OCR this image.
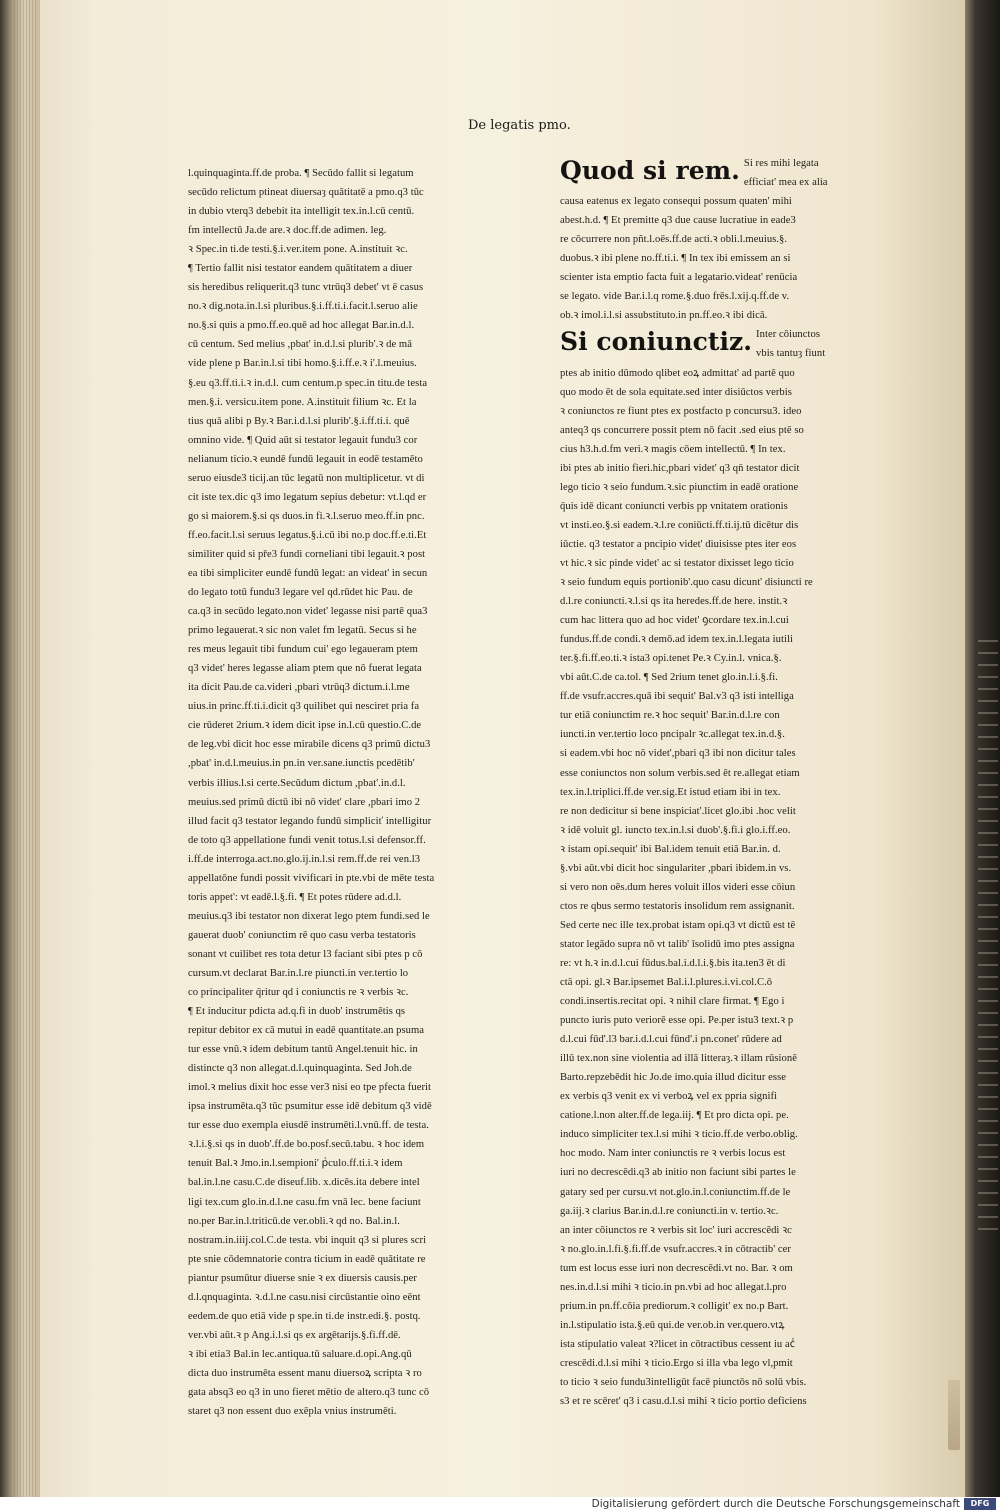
De legatis pmo.
l.quinquaginta.ff.de proba. ¶ Secūdo fallit si legatum
secūdo relictum ptineat diuersaȝ quātitatē a pmo.q3 tūc
in dubio vterq3 debebit ita intelligit tex.in.l.cū centū.
fm intellectū Ja.de are.ꝛ doc.ff.de adimen. leg.
ꝛ Spec.in ti.de testi.§.i.ver.item pone. A.instituit ꝛc.
¶ Tertio fallit nisi testator eandem quātitatem a diuer
sis heredibus reliquerit.q3 tunc vtrūq3 debet' vt ē casus
no.ꝛ dig.nota.in.l.si pluribus.§.i.ff.ti.i.facit.l.seruo alie
no.§.si quis a pmo.ff.eo.quē ad hoc allegat Bar.in.d.l.
cū centum. Sed melius ,pbat' in.d.l.si plurib'.ꝛ de mā
vide plene p Bar.in.l.si tibi homo.§.i.ff.e.ꝛ i'.l.meuius.
§.eu q3.ff.ti.i.ꝛ in.d.l. cum centum.p spec.in titu.de testa
men.§.i. versicu.item pone. A.instituit filium ꝛc. Et la
tius quā alibi p By.ꝛ Bar.i.d.l.si plurib'.§.i.ff.ti.i. quē
omnino vide. ¶ Quid aūt si testator legauit fundu3 cor
nelianum ticio.ꝛ eundē fundū legauit in eodē testamēto
seruo eiusde3 ticij.an tūc legatū non multiplicetur. vt di
cit iste tex.dic q3 imo legatum sepius debetur: vt.l.qd er
go si maiorem.§.si qs duos.in fi.ꝛ.l.seruo meo.ff.in pnc.
ff.eo.facit.l.si seruus legatus.§.i.cū ibi no.p doc.ff.e.ti.Et
similiter quid si pře3 fundi corneliani tibi legauit.ꝛ post
ea tibi simpliciter eundē fundū legat: an videat' in secun
do legato totū fundu3 legare vel qd.rūdet hic Pau. de
ca.q3 in secūdo legato.non videt' legasse nisi partē qua3
primo legauerat.ꝛ sic non valet fm legatū. Secus si he
res meus legauit tibi fundum cui' ego legaueram ptem
q3 videt' heres legasse aliam ptem que nō fuerat legata
ita dicit Pau.de ca.videri ,pbari vtrūq3 dictum.i.l.me
uius.in princ.ff.ti.i.dicit q3 quilibet qui nesciret pria fa
cie rūderet 2rium.ꝛ idem dicit ipse in.l.cū questio.C.de
de leg.vbi dicit hoc esse mirabile dicens q3 primū dictu3
,pbat' in.d.l.meuius.in pn.in ver.sane.iunctis pcedētib'
verbis illius.l.si certe.Secūdum dictum ,pbat'.in.d.l.
meuius.sed primū dictū ibi nō videt' clare ,pbari imo 2
illud facit q3 testator legando fundū simpliciť intelligitur
de toto q3 appellatione fundi venit totus.l.si defensor.ff.
i.ff.de interroga.act.no.glo.ij.in.l.si rem.ff.de rei ven.l3
appellatōne fundi possit vivificari in pte.vbi de mēte testa
toris appet': vt eadē.l.§.fi. ¶ Et potes rūdere ad.d.l.
meuius.q3 ibi testator non dixerat lego ptem fundi.sed le
gauerat duob' coniunctim rē quo casu verba testatoris
sonant vt cuilibet res tota detur l3 faciant sibi ptes p cō
cursum.vt declarat Bar.in.l.re piuncti.in ver.tertio lo
co principaliter q̄ritur qd i coniunctis re ꝛ verbis ꝛc.
¶ Et inducitur pdicta ad.q.fi in duob' instrumētis qs
repitur debitor ex cā mutui in eadē quantitate.an psuma
tur esse vnū.ꝛ idem debitum tantū Angel.tenuit hic. in
distincte q3 non allegat.d.l.quinquaginta. Sed Joh.de
imol.ꝛ melius dixit hoc esse ver3 nisi eo tpe pfecta fuerit
ipsa instrumēta.q3 tūc psumitur esse idē debitum q3 vidē
tur esse duo exempla eiusdē instrumēti.l.vnū.ff. de testa.
ꝛ.l.i.§.si qs in duob'.ff.de bo.posf.secū.tabu. ꝛ hoc idem
tenuit Bal.ꝛ Jmo.in.l.sempioni' pᷣculo.ff.ti.i.ꝛ idem
bal.in.l.ne casu.C.de diseuf.lib. x.dicēs.ita debere intel
ligi tex.cum glo.in.d.l.ne casu.fm vnā lec. bene faciunt
no.per Bar.in.l.triticū.de ver.obli.ꝛ qd no. Bal.in.l.
nostram.in.iiij.col.C.de testa. vbi inquit q3 si plures scri
pte snie cōdemnatorie contra ticium in eadē quātitate re
piantur psumūtur diuerse snie ꝛ ex diuersis causis.per
d.l.qnquaginta. ꝛ.d.l.ne casu.nisi circūstantie oino eēnt
eedem.de quo etiā vide p spe.in ti.de instr.edi.§. postq.
ver.vbi aūt.ꝛ p Ang.i.l.si qs ex argētarijs.§.fi.ff.dē.
ꝛ ibi etia3 Bal.in lec.antiqua.tū saluare.d.opi.Ang.qū
dicta duo instrumēta essent manu diuersoꝝ scripta ꝛ ro
gata absq3 eo q3 in uno fieret mētio de altero.q3 tunc cō
staret q3 non essent duo exēpla vnius instrumēti.
Quod si rem. Si res mihi legata
efficiat' mea ex alia
causa eatenus ex legato consequi possum quaten' mihi
abest.h.d. ¶ Et premitte q3 due cause lucratiue in eade3
re cōcurrere non pñt.l.oēs.ff.de acti.ꝛ obli.l.meuius.§.
duobus.ꝛ ibi plene no.ff.ti.i. ¶ In tex ibi emissem an si
scienter ista emptio facta fuit a legatario.videat' renūciaᷤ
se legato. vide Bar.i.l.q rome.§.duo frēs.l.xij.q.ff.de v.
ob.ꝛ imol.i.l.si assubstituto.in pn.ff.eo.ꝛ ibi dicā.
Si coniunctiz. Inter cōiunctos
vbis tantuȝ fiunt
ptes ab initio dūmodo qlibet eoꝝ admittat' ad partē quo
quo modo ēt de sola equitate.sed inter disiūctos verbis
ꝛ coniunctos re fiunt ptes ex postfacto p concursu3. ideo
anteq3 qs concurrere possit ptem nō facit .sed eius ptē so
cius h3.h.d.fm veri.ꝛ magis cōem intellectū. ¶ In tex.
ibi ptes ab initio fieri.hic,pbari videt' q3 qn̄ testator dicit
lego ticio ꝛ seio fundum.ꝛ.sic piunctim in eadē oratione
q̄uis idē dicant coniuncti verbis pp vnitatem orationis
vt insti.eo.§.si eadem.ꝛ.l.re coniūcti.ff.ti.ij.tū dicētur dis
iūctie. q3 testator a pncipio videt' diuisisse ptes iter eos
vt hic.ꝛ sic pinde videt' ac si testator dixisset lego ticio
ꝛ seio fundum equis portionib'.quo casu dicunt' disiuncti re
d.l.re coniuncti.ꝛ.l.si qs ita heredes.ff.de here. instit.ꝛ
cum hac littera quo ad hoc videt' ꝯcordare tex.in.l.cui
fundus.ff.de condi.ꝛ demō.ad idem tex.in.l.legata iutili
ter.§.fi.ff.eo.ti.ꝛ ista3 opi.tenet Pe.ꝛ Cy.in.l. vnica.§.
vbi aūt.C.de ca.tol. ¶ Sed 2rium tenet glo.in.l.i.§.fi.
ff.de vsufr.accres.quā ibi sequit' Bal.v3 q3 isti intelliga
tur etiā coniunctim re.ꝛ hoc sequit' Bar.in.d.l.re con
iuncti.in ver.tertio loco pncipalr ꝛc.allegat tex.in.d.§.
si eadem.vbi hoc nō videt',pbari q3 ibi non dicitur tales
esse coniunctos non solum verbis.sed ēt re.allegat etiam
tex.in.l.triplici.ff.de ver.sig.Et istud etiam ibi in tex.
re non dedicitur si bene inspiciat'.licet glo.ibi .hoc velit
ꝛ idē voluit gl. iuncto tex.in.l.si duob'.§.fi.i glo.i.ff.eo.
ꝛ istam opi.sequit' ibi Bal.idem tenuit etiā Bar.in. d.
§.vbi aūt.vbi dicit hoc singulariter ,pbari ibidem.in vs.
si vero non oēs.dum heres voluit illos videri esse cōiun
ctos re qbus sermo testatoris insolidum rem assignanit.
Sed certe nec ille tex.probat istam opi.q3 vt dictū est tē
stator legādo supra nō vt talib' īsolidū imo ptes assigna
re: vt h.ꝛ in.d.l.cui fūdus.bal.i.d.l.i.§.bis ita.ten3 ēt di
ctā opi. gl.ꝛ Bar.ipsemet Bal.i.l.plures.i.vi.col.C.ō
condi.insertis.recitat opi. ꝛ nihil clare firmat. ¶ Ego i
puncto iuris puto veriorē esse opi. Pe.per istu3 text.ꝛ p
d.l.cui fūd'.l3 bar.i.d.l.cui fūnd'.i pn.conet' rūdere ad
illū tex.non sine violentia ad illā litteraȝ.ꝛ illam rūsionē
Barto.repzebēdit hic Jo.de imo.quia illud dicitur esse
ex verbis q3 venit ex vi verboꝝ vel ex ppria signifi
catione.l.non alter.ff.de lega.iij. ¶ Et pro dicta opi. pe.
induco simpliciter tex.l.si mihi ꝛ ticio.ff.de verbo.oblig.
hoc modo. Nam inter coniunctis re ꝛ verbis locus est
iuri no decrescēdi.q3 ab initio non faciunt sibi partes le
gatary sed per cursu.vt not.glo.in.l.coniunctim.ff.de le
ga.iij.ꝛ clarius Bar.in.d.l.re coniuncti.in v. tertio.ꝛc.
an inter cōiunctos re ꝛ verbis sit loc' iuri accrescēdi ꝛc
ꝛ no.glo.in.l.fi.§.fi.ff.de vsufr.accres.ꝛ in cōtractib' cer
tum est locus esse iuri non decrescēdi.vt no. Bar. ꝛ om
nes.in.d.l.si mihi ꝛ ticio.in pn.vbi ad hoc allegat.l.pro
prium.in pn.ff.cōia prediorum.ꝛ colligit' ex no.p Bart.
in.l.stipulatio ista.§.eū qui.de ver.ob.in ver.quero.vtꝝ
ista stipulatio valeat ꝛ?licet in cōtractibus cessent iu acᷤ
crescēdi.d.l.si mihi ꝛ ticio.Ergo si illa vba lego vl,pmit
to ticio ꝛ seio fundu3intelligūt facē piunctōs nō solū vbis.
s3 et re scēret' q3 i casu.d.l.si mihi ꝛ ticio portio deficiens
Digitalisierung gefördert durch die Deutsche Forschungsgemeinschaft	DFG
